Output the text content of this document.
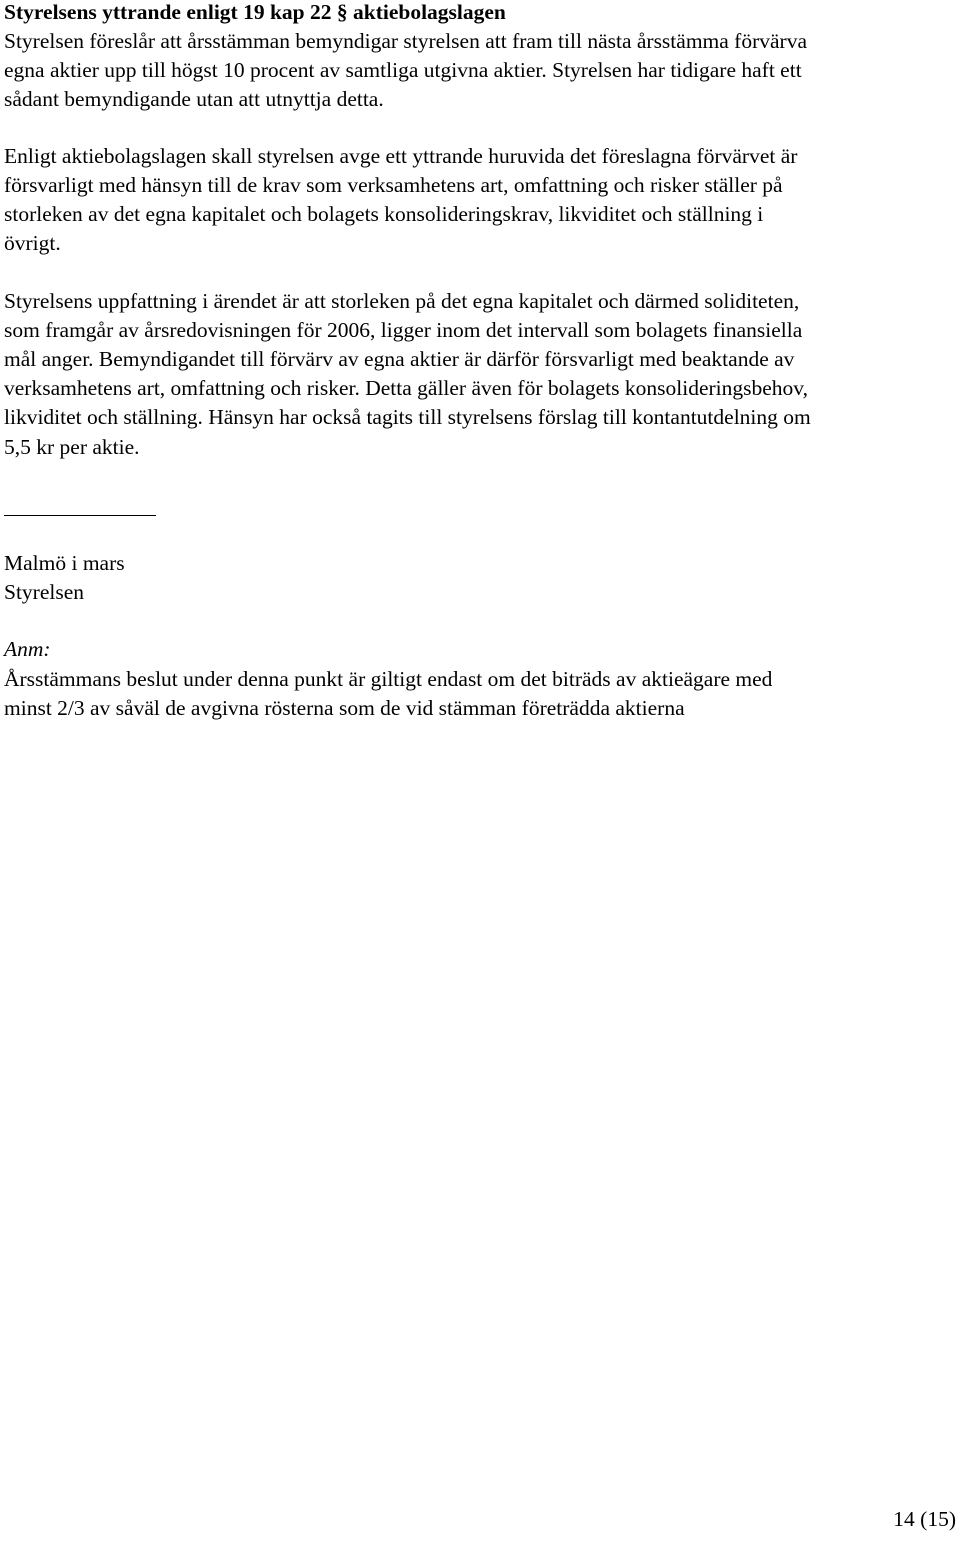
Styrelsens yttrande enligt 19 kap 22 § aktiebolagslagen

Styrelsen föreslår att årsstämman bemyndigar styrelsen att fram till nästa årsstämma förvärva

egna aktier upp till högst 10 procent av samtliga utgivna aktier. Styrelsen har tidigare haft ett

sådant bemyndigande utan att utnyttja detta.

Enligt aktiebolagslagen skall styrelsen avge ett yttrande huruvida det föreslagna förvärvet är

försvarligt med hänsyn till de krav som verksamhetens art, omfattning och risker ställer på

storleken av det egna kapitalet och bolagets konsolideringskrav, likviditet och ställning i

övrigt.

Styrelsens uppfattning i ärendet är att storleken på det egna kapitalet och därmed soliditeten,

som framgår av årsredovisningen för 2006, ligger inom det intervall som bolagets finansiella

mål anger. Bemyndigandet till förvärv av egna aktier är därför försvarligt med beaktande av

verksamhetens art, omfattning och risker. Detta gäller även för bolagets konsolideringsbehov,

likviditet och ställning. Hänsyn har också tagits till styrelsens förslag till kontantutdelning om

5,5 kr per aktie.

Malmö i mars

Styrelsen

Anm:

Årsstämmans beslut under denna punkt är giltigt endast om det biträds av aktieägare med

minst 2/3 av såväl de avgivna rösterna som de vid stämman företrädda aktierna

14 (15)
